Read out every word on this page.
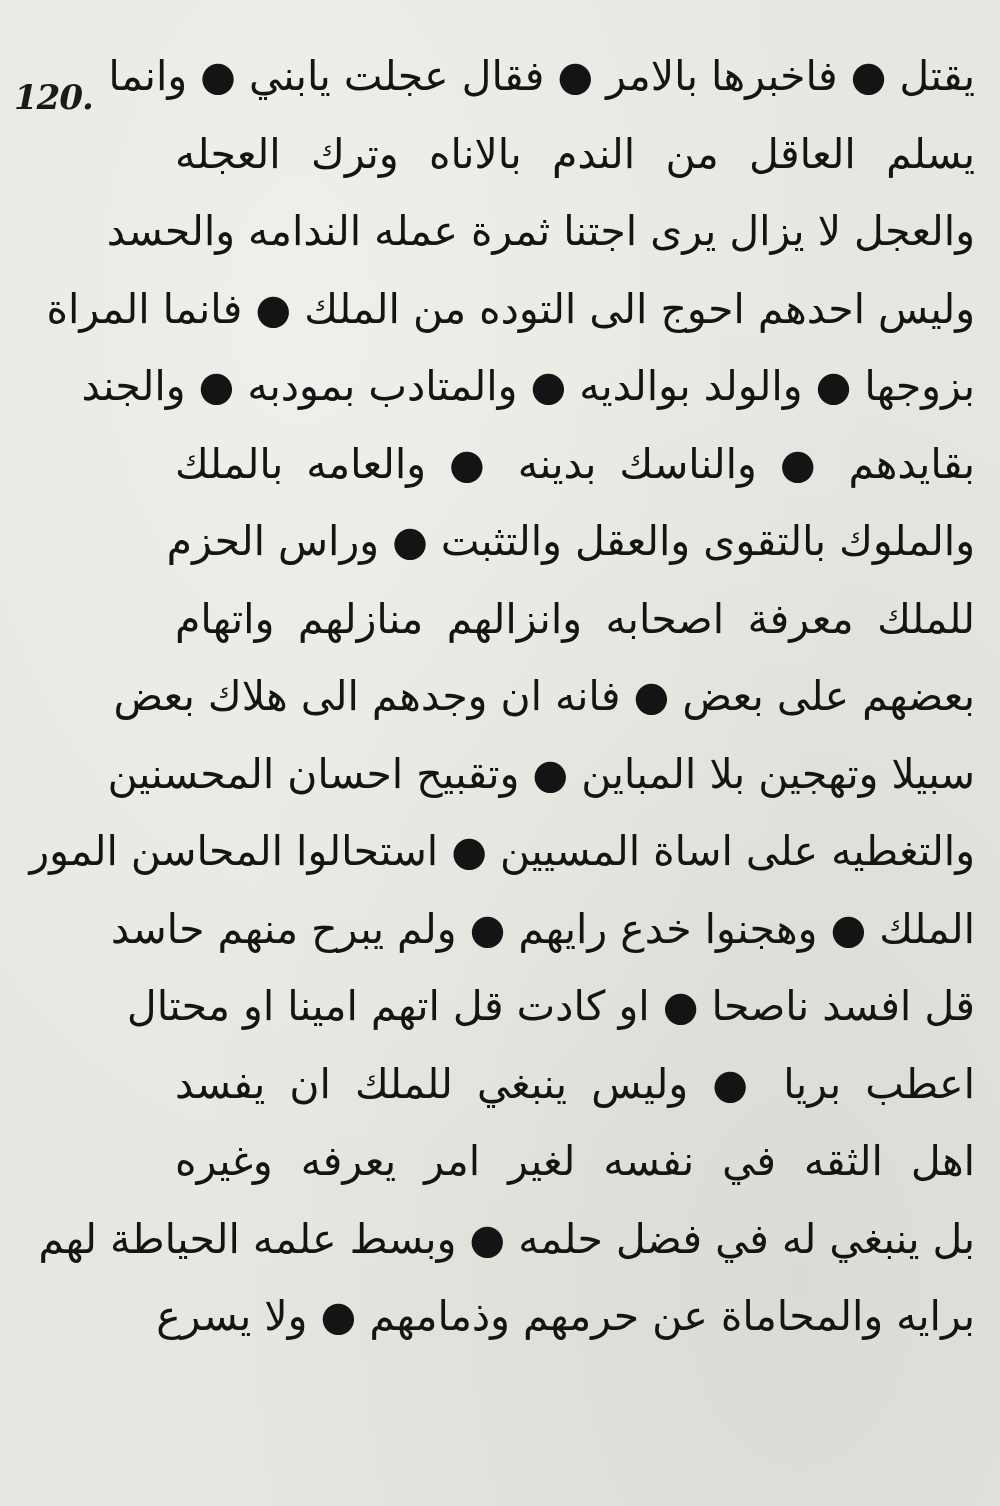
120. يقتل ● فاخبرها بالامر ● فقال عجلت يابني ● وانما
يسلم العاقل من الندم بالاناه وترك العجله
والعجل لا يزال يرى اجتنا ثمرة عمله الندامه والحسد
وليس احدهم احوج الى التوده من الملك ● فانما المراة
بزوجها ● والولد بوالديه ● والمتادب بمودبه ● والجند
بقايدهم ● والناسك بدينه ● والعامه بالملك
والملوك بالتقوى والعقل والتثبت ● وراس الحزم
للملك معرفة اصحابه وانزالهم منازلهم واتهام
بعضهم على بعض ● فانه ان وجدهم الى هلاك بعض
سبيلا وتهجين بلا المباين ● وتقبيح احسان المحسنين
والتغطيه على اساة المسيين ● استحالوا المحاسن المور
الملك ● وهجنوا خدع رايهم ● ولم يبرح منهم حاسد
قل افسد ناصحا ● او كادت قل اتهم امينا او محتال
اعطب بريا ● وليس ينبغي للملك ان يفسد
اهل الثقه في نفسه لغير امر يعرفه وغيره
بل ينبغي له في فضل حلمه ● وبسط علمه الحياطة لهم
برايه والمحاماة عن حرمهم وذمامهم ● ولا يسرع
